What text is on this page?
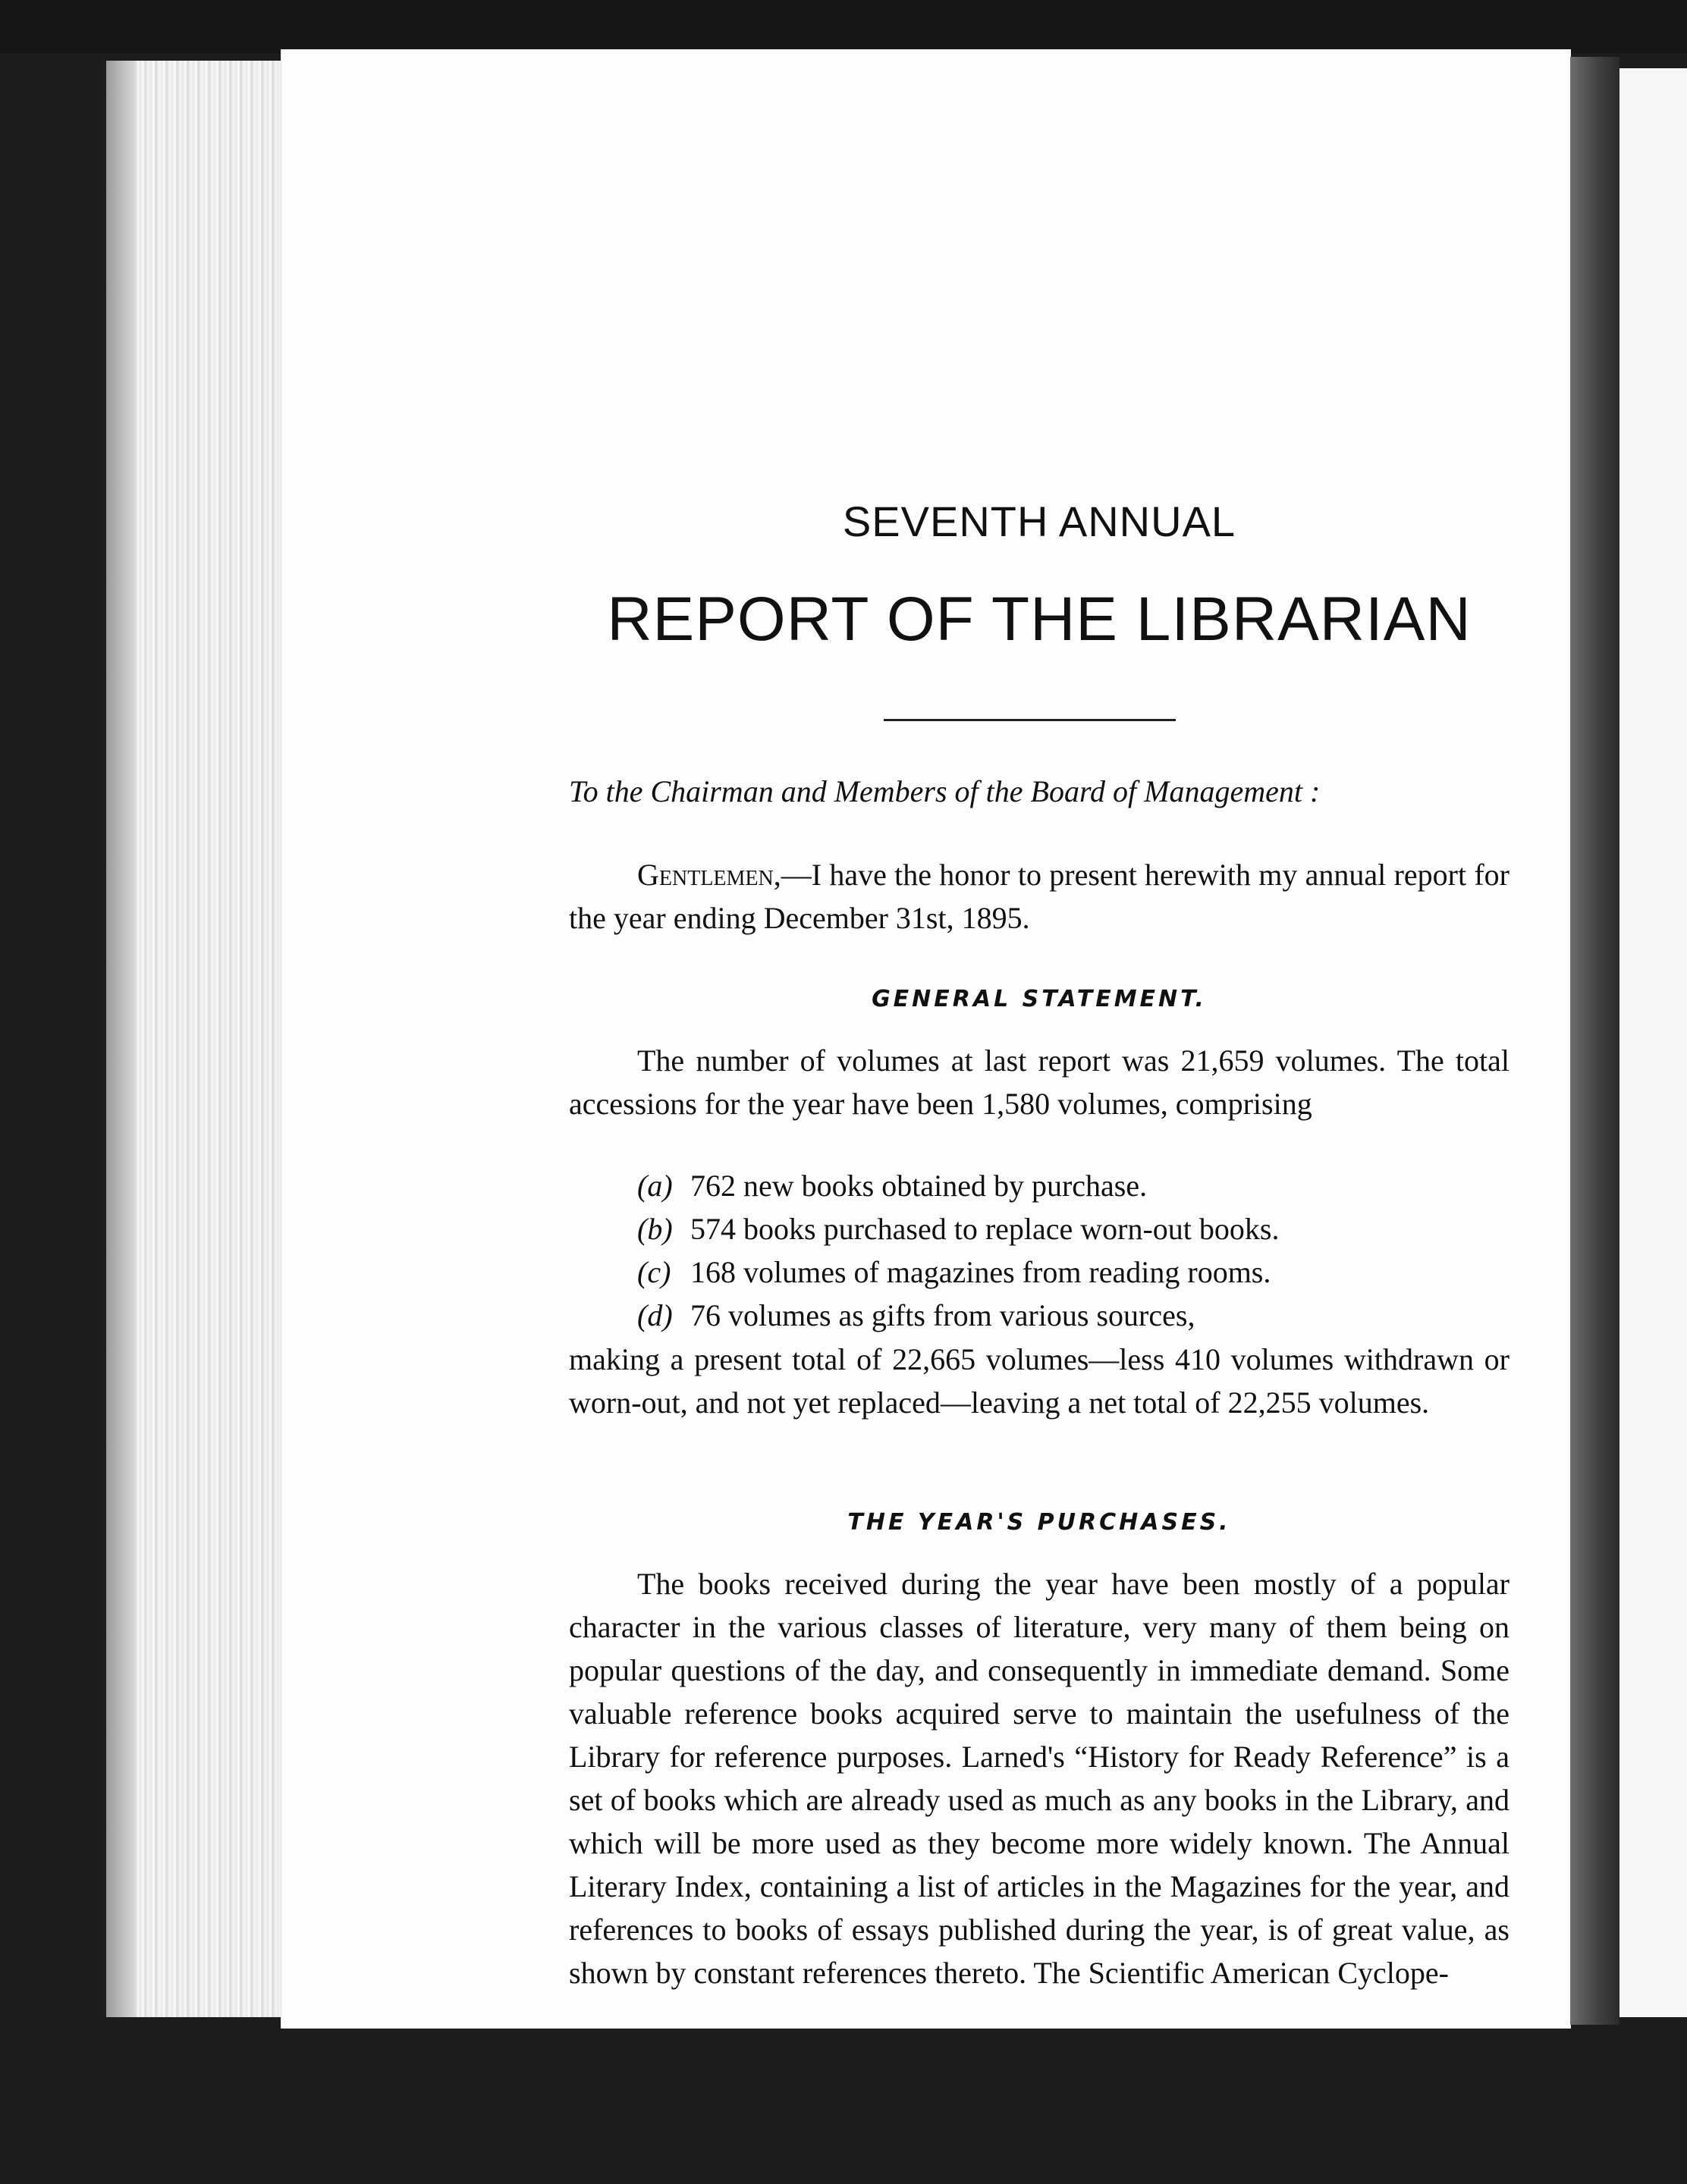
SEVENTH ANNUAL
REPORT OF THE LIBRARIAN
To the Chairman and Members of the Board of Management :
Gentlemen,—I have the honor to present herewith my annual report for the year ending December 31st, 1895.
GENERAL STATEMENT.
The number of volumes at last report was 21,659 volumes. The total accessions for the year have been 1,580 volumes, comprising
(a) 762 new books obtained by purchase.
(b) 574 books purchased to replace worn-out books.
(c) 168 volumes of magazines from reading rooms.
(d) 76 volumes as gifts from various sources,
making a present total of 22,665 volumes—less 410 volumes withdrawn or worn-out, and not yet replaced—leaving a net total of 22,255 volumes.
THE YEAR'S PURCHASES.
The books received during the year have been mostly of a popular character in the various classes of literature, very many of them being on popular questions of the day, and consequently in immediate demand. Some valuable reference books acquired serve to maintain the usefulness of the Library for reference purposes. Larned's “History for Ready Reference” is a set of books which are already used as much as any books in the Library, and which will be more used as they become more widely known. The Annual Literary Index, containing a list of articles in the Magazines for the year, and references to books of essays published during the year, is of great value, as shown by constant references thereto. The Scientific American Cyclope-
